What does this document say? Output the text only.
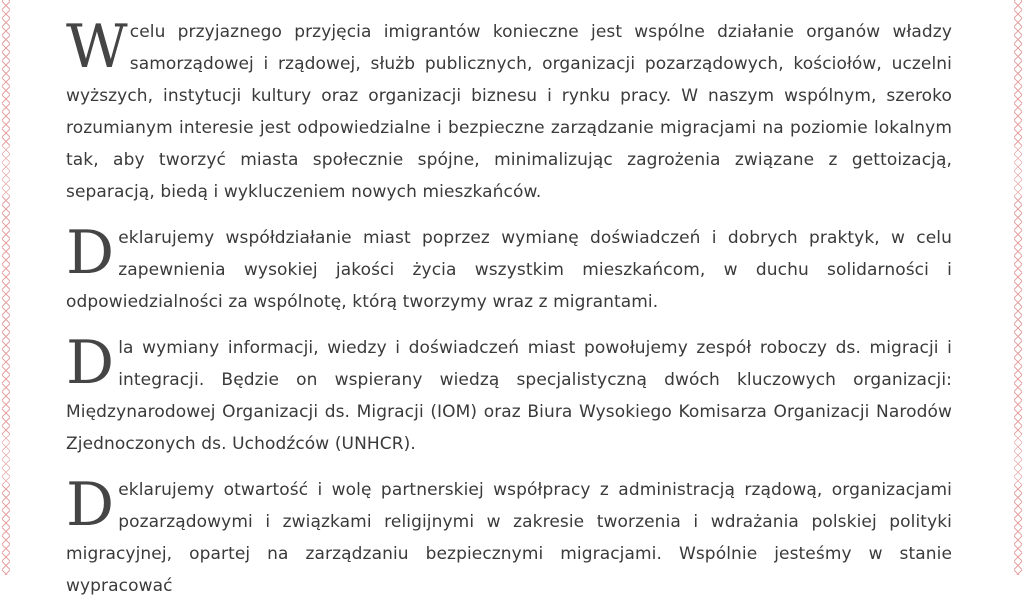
Wcelu przyjaznego przyjęcia imigrantów konieczne jest wspólne działanie organów władzy samorządowej i rządowej, służb publicznych, organizacji pozarządowych, kościołów, uczelni wyższych, instytucji kultury oraz organizacji biznesu i rynku pracy. W naszym wspólnym, szeroko rozumianym interesie jest odpowiedzialne i bezpieczne zarządzanie migracjami na poziomie lokalnym tak, aby tworzyć miasta społecznie spójne, minimalizując zagrożenia związane z gettoizacją, separacją, biedą i wykluczeniem nowych mieszkańców.

Deklarujemy współdziałanie miast poprzez wymianę doświadczeń i dobrych praktyk, w celu zapewnienia wysokiej jakości życia wszystkim mieszkańcom, w duchu solidarności i odpowiedzialności za wspólnotę, którą tworzymy wraz z migrantami.

Dla wymiany informacji, wiedzy i doświadczeń miast powołujemy zespół roboczy ds. migracji i integracji. Będzie on wspierany wiedzą specjalistyczną dwóch kluczowych organizacji: Międzynarodowej Organizacji ds. Migracji (IOM) oraz Biura Wysokiego Komisarza Organizacji Narodów Zjednoczonych ds. Uchodźców (UNHCR).

Deklarujemy otwartość i wolę partnerskiej współpracy z administracją rządową, organizacjami pozarządowymi i związkami religijnymi w zakresie tworzenia i wdrażania polskiej polityki migracyjnej, opartej na zarządzaniu bezpiecznymi migracjami. Wspólnie jesteśmy w stanie wypracować
